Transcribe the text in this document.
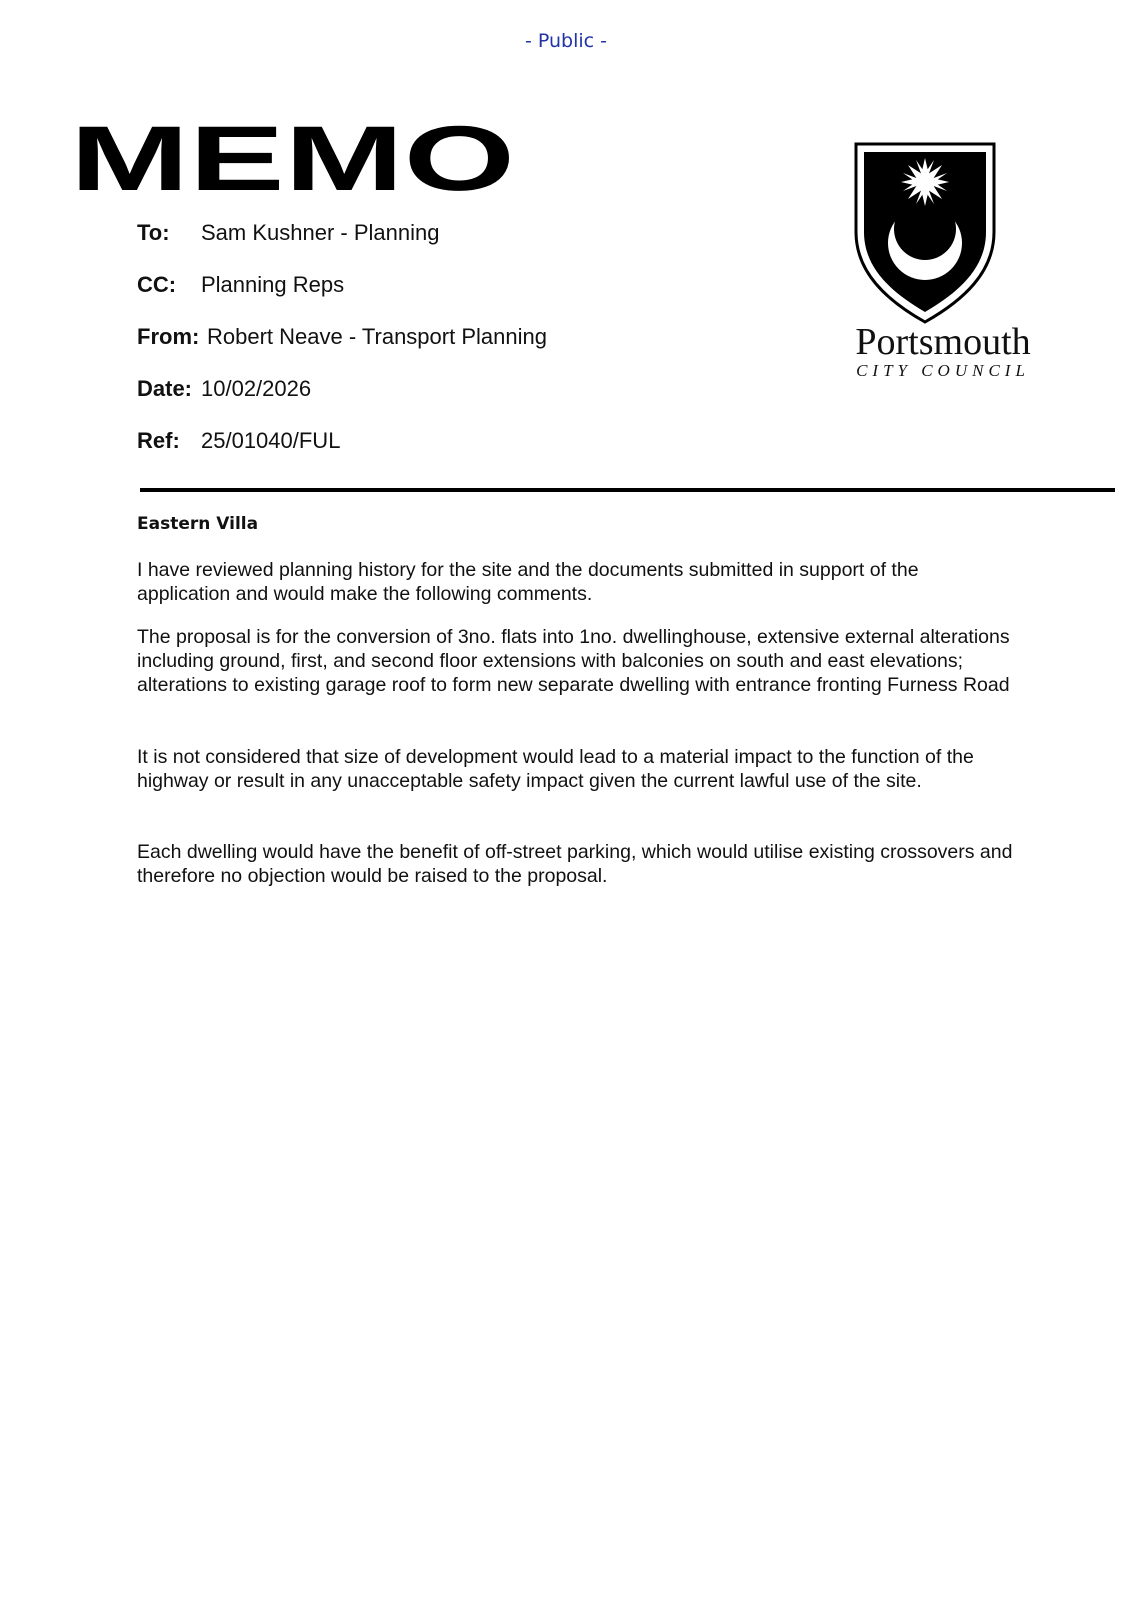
- Public -
MEMO
To: Sam Kushner - Planning
CC: Planning Reps
From: Robert Neave - Transport Planning
Date: 10/02/2026
Ref: 25/01040/FUL
Portsmouth
CITY COUNCIL
Eastern Villa

I have reviewed planning history for the site and the documents submitted in support of the application and would make the following comments.

The proposal is for the conversion of 3no. flats into 1no. dwellinghouse, extensive external alterations including ground, first, and second floor extensions with balconies on south and east elevations; alterations to existing garage roof to form new separate dwelling with entrance fronting Furness Road

It is not considered that size of development would lead to a material impact to the function of the highway or result in any unacceptable safety impact given the current lawful use of the site.

Each dwelling would have the benefit of off-street parking, which would utilise existing crossovers and therefore no objection would be raised to the proposal.
